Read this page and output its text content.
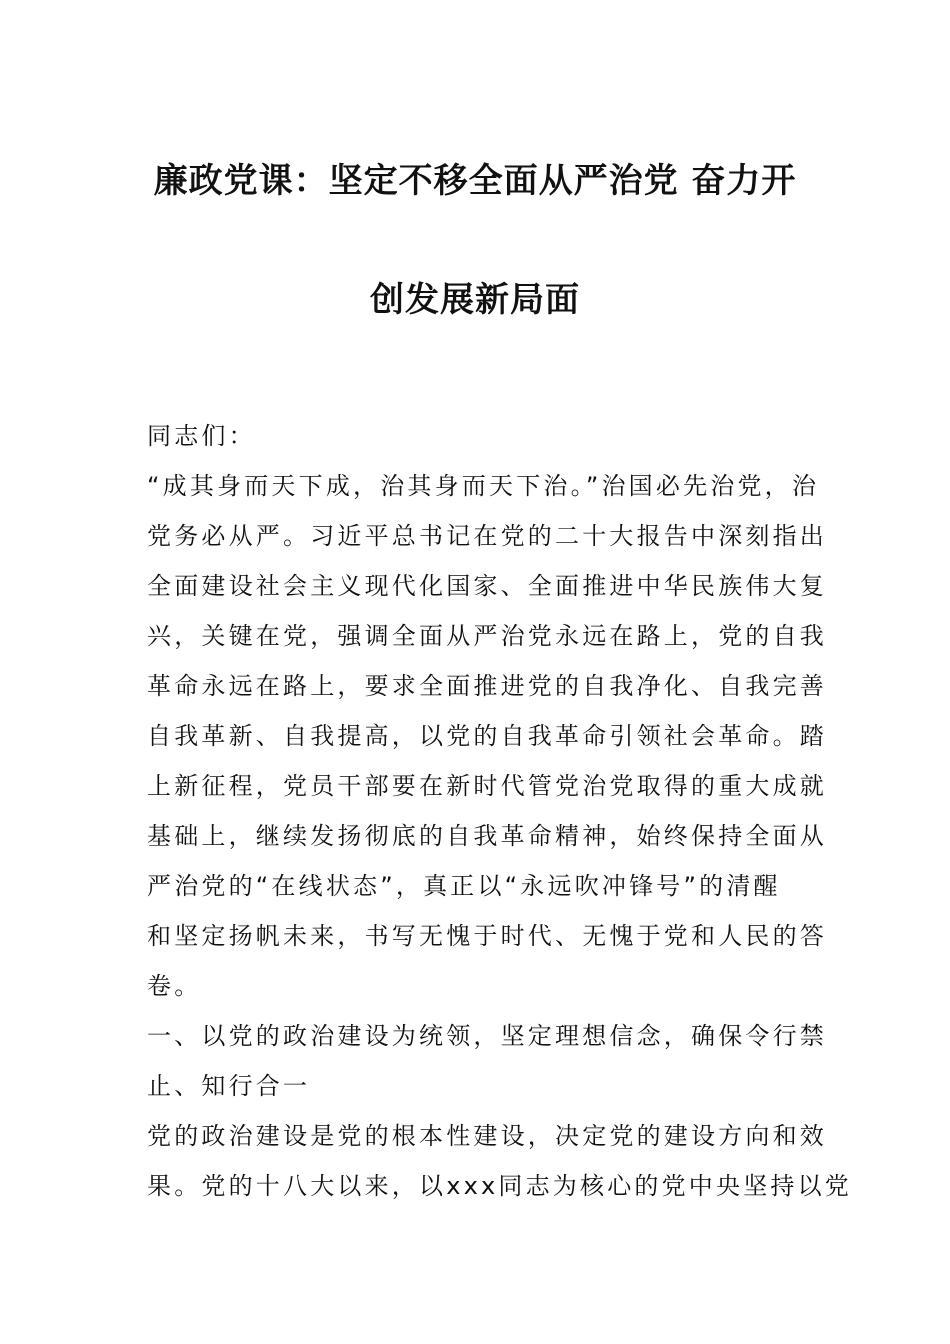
廉政党课：坚定不移全面从严治党 奋力开
创发展新局面
同志们：
“成其身而天下成，治其身而天下治。”治国必先治党，治
党务必从严。习近平总书记在党的二十大报告中深刻指出
全面建设社会主义现代化国家、全面推进中华民族伟大复
兴，关键在党，强调全面从严治党永远在路上，党的自我
革命永远在路上，要求全面推进党的自我净化、自我完善
自我革新、自我提高，以党的自我革命引领社会革命。踏
上新征程，党员干部要在新时代管党治党取得的重大成就
基础上，继续发扬彻底的自我革命精神，始终保持全面从
严治党的“在线状态”，真正以“永远吹冲锋号”的清醒
和坚定扬帆未来，书写无愧于时代、无愧于党和人民的答
卷。
一、以党的政治建设为统领，坚定理想信念，确保令行禁
止、知行合一
党的政治建设是党的根本性建设，决定党的建设方向和效
果。党的十八大以来，以xxx同志为核心的党中央坚持以党
